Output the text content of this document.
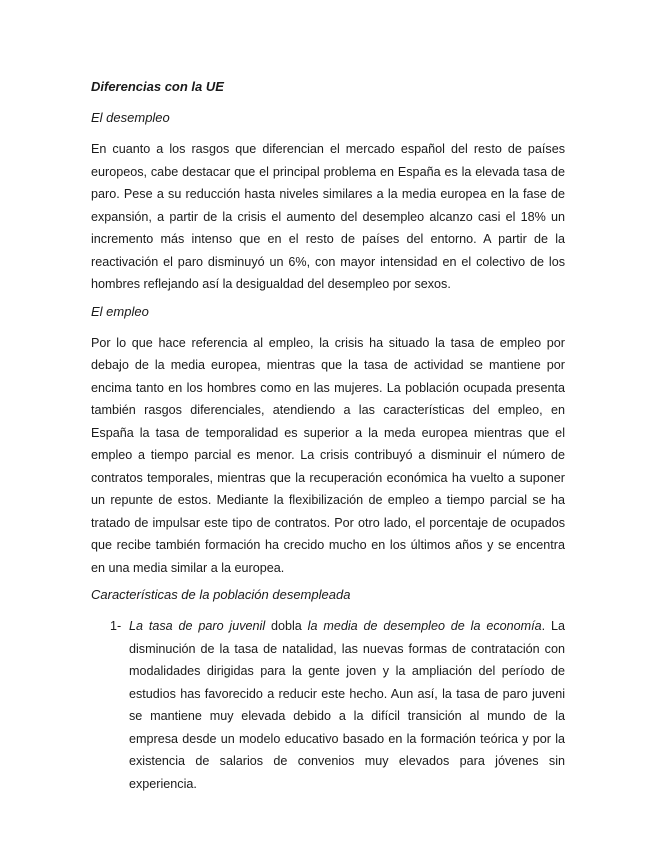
Diferencias con la UE

El desempleo

En cuanto a los rasgos que diferencian el mercado español del resto de países europeos, cabe destacar que el principal problema en España es la elevada tasa de paro. Pese a su reducción hasta niveles similares a la media europea en la fase de expansión, a partir de la crisis el aumento del desempleo alcanzo casi el 18% un incremento más intenso que en el resto de países del entorno. A partir de la reactivación el paro disminuyó un 6%, con mayor intensidad en el colectivo de los hombres reflejando así la desigualdad del desempleo por sexos.

El empleo

Por lo que hace referencia al empleo, la crisis ha situado la tasa de empleo por debajo de la media europea, mientras que la tasa de actividad se mantiene por encima tanto en los hombres como en las mujeres. La población ocupada presenta también rasgos diferenciales, atendiendo a las características del empleo, en España la tasa de temporalidad es superior a la meda europea mientras que el empleo a tiempo parcial es menor. La crisis contribuyó a disminuir el número de contratos temporales, mientras que la recuperación económica ha vuelto a suponer un repunte de estos. Mediante la flexibilización de empleo a tiempo parcial se ha tratado de impulsar este tipo de contratos. Por otro lado, el porcentaje de ocupados que recibe también formación ha crecido mucho en los últimos años y se encentra en una media similar a la europea.

Características de la población desempleada

1- La tasa de paro juvenil dobla la media de desempleo de la economía. La disminución de la tasa de natalidad, las nuevas formas de contratación con modalidades dirigidas para la gente joven y la ampliación del período de estudios has favorecido a reducir este hecho. Aun así, la tasa de paro juveni se mantiene muy elevada debido a la difícil transición al mundo de la empresa desde un modelo educativo basado en la formación teórica y por la existencia de salarios de convenios muy elevados para jóvenes sin experiencia.
